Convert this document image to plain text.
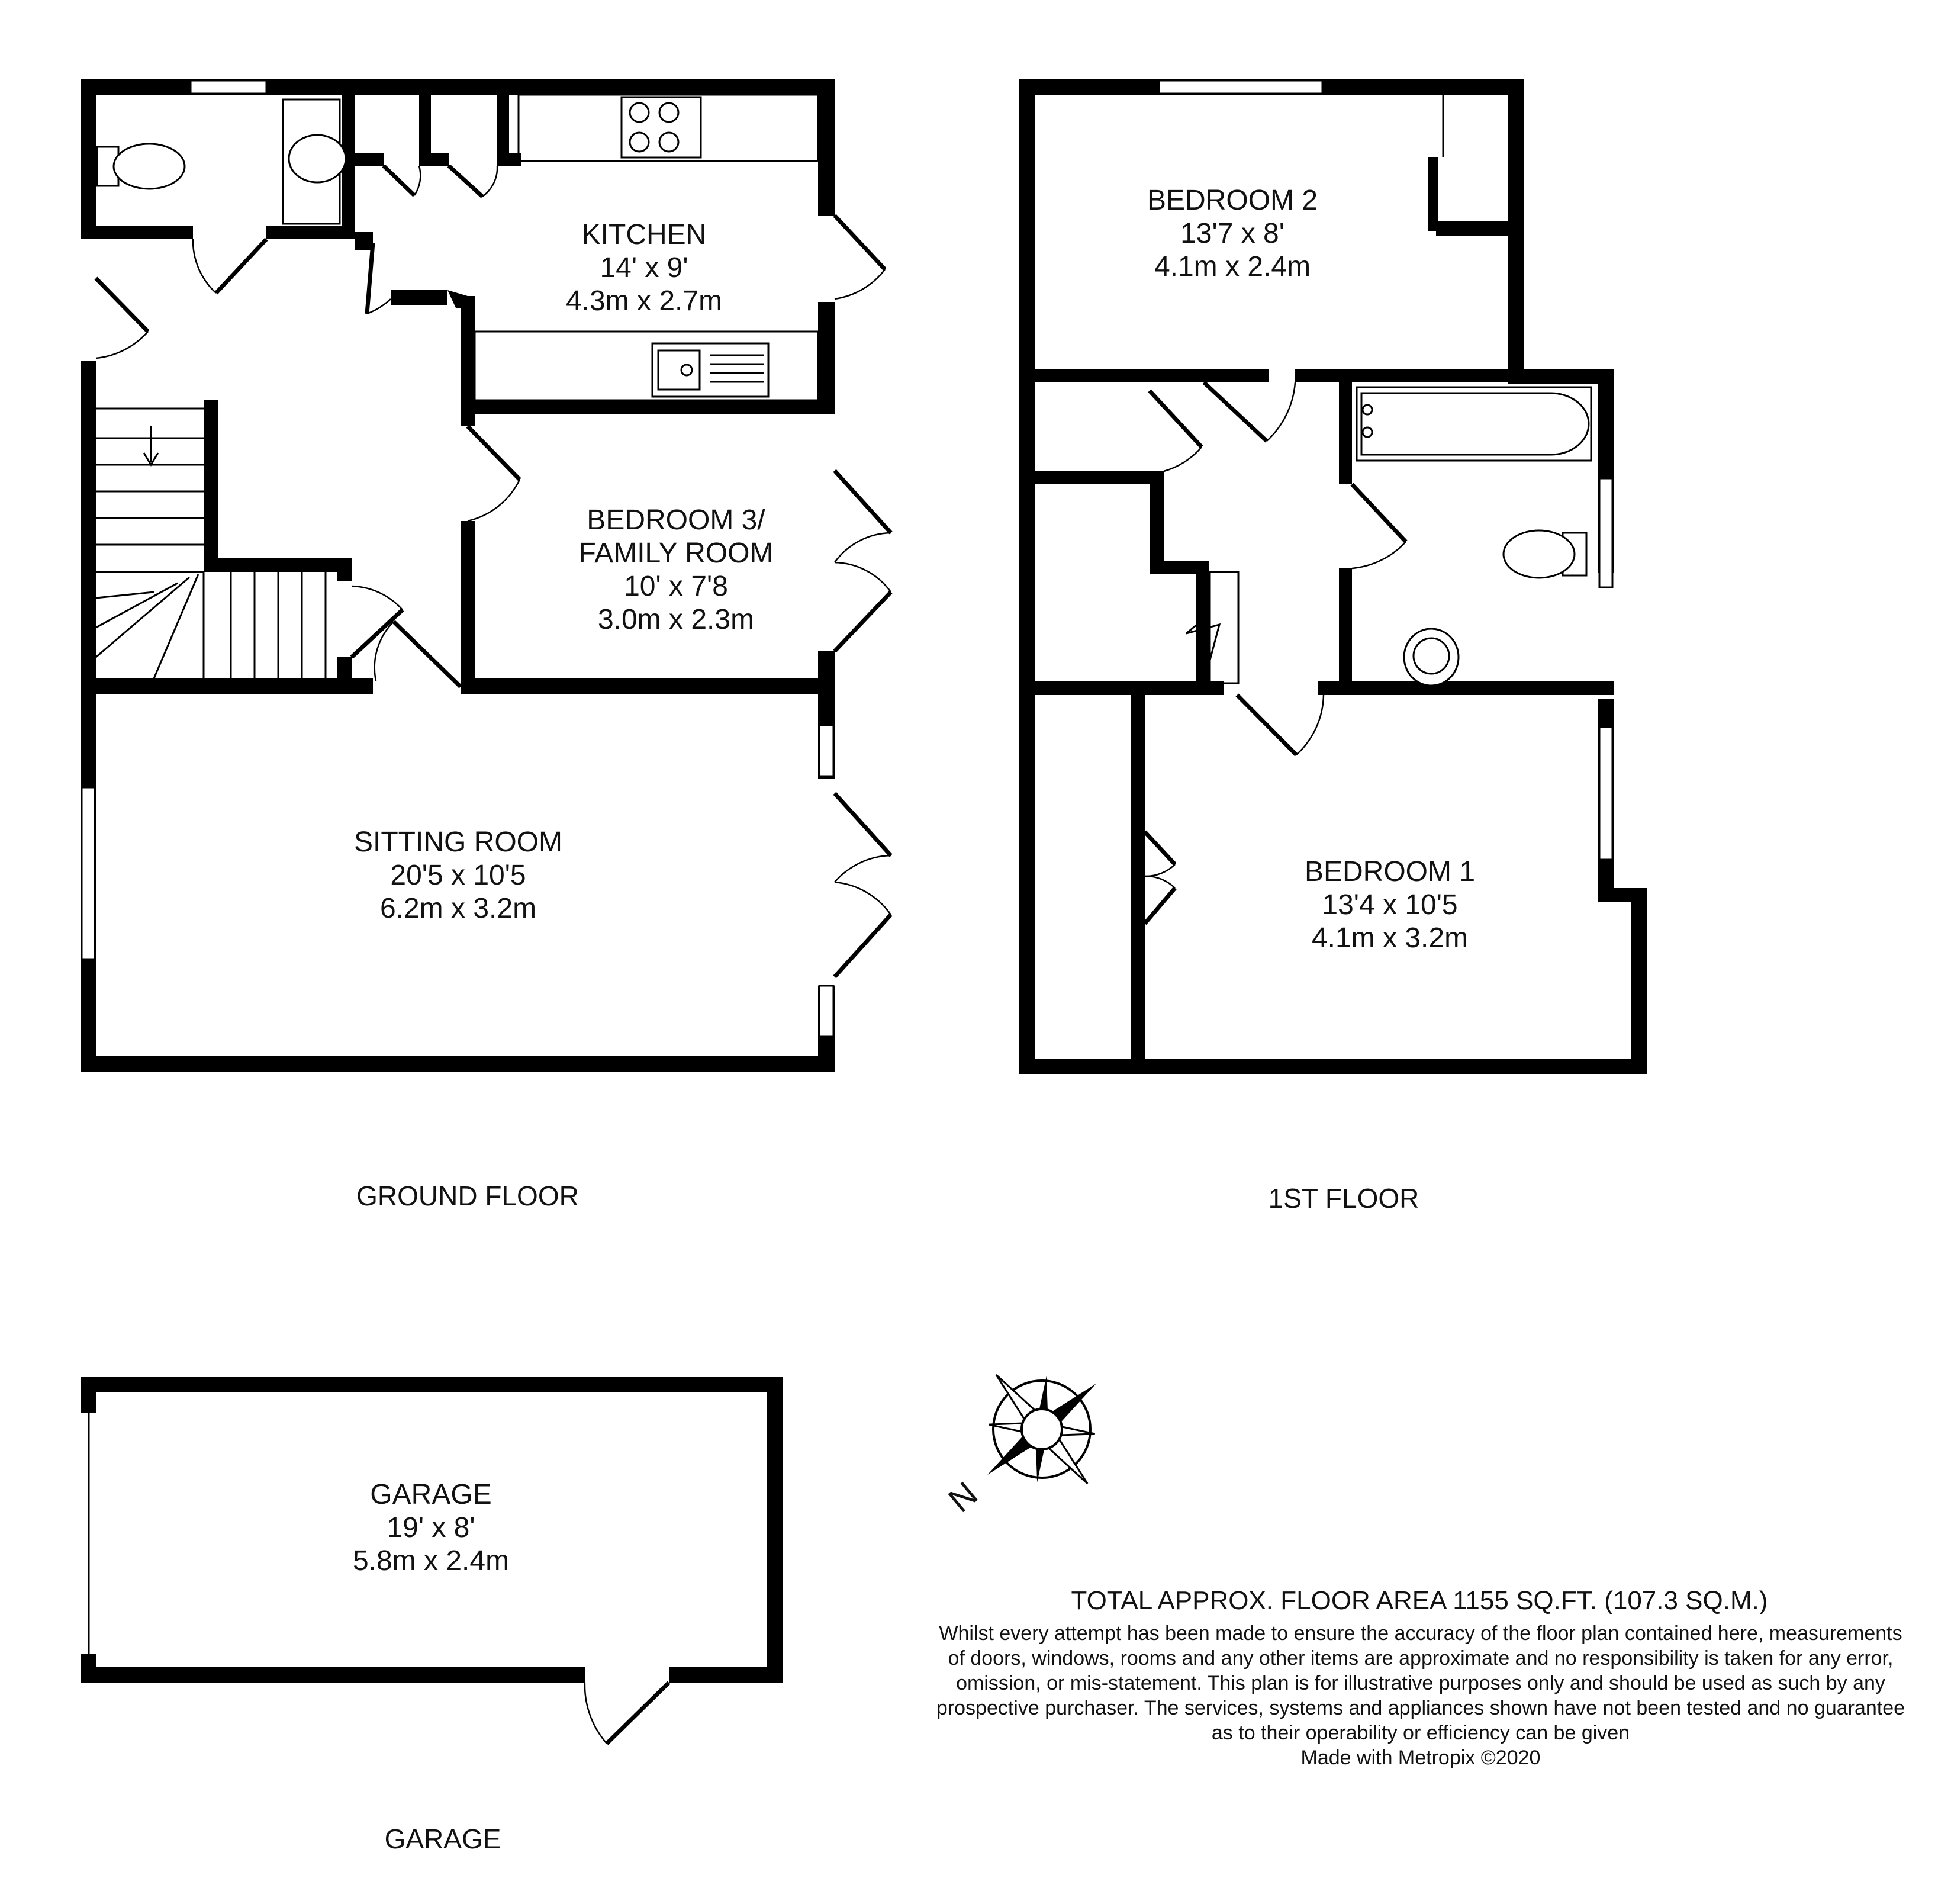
KITCHEN
14' x 9'
4.3m x 2.7m
BEDROOM 3/
FAMILY ROOM
10' x 7'8
3.0m x 2.3m
SITTING ROOM
20'5 x 10'5
6.2m x 3.2m
BEDROOM 2
13'7 x 8'
4.1m x 2.4m
BEDROOM 1
13'4 x 10'5
4.1m x 3.2m
GROUND FLOOR	1ST FLOOR
GARAGE
19' x 8'
5.8m x 2.4m
GARAGE
N
TOTAL APPROX. FLOOR AREA 1155 SQ.FT. (107.3 SQ.M.)
Whilst every attempt has been made to ensure the accuracy of the floor plan contained here, measurements
of doors, windows, rooms and any other items are approximate and no responsibility is taken for any error,
omission, or mis-statement. This plan is for illustrative purposes only and should be used as such by any
prospective purchaser. The services, systems and appliances shown have not been tested and no guarantee
as to their operability or efficiency can be given
Made with Metropix ©2020
